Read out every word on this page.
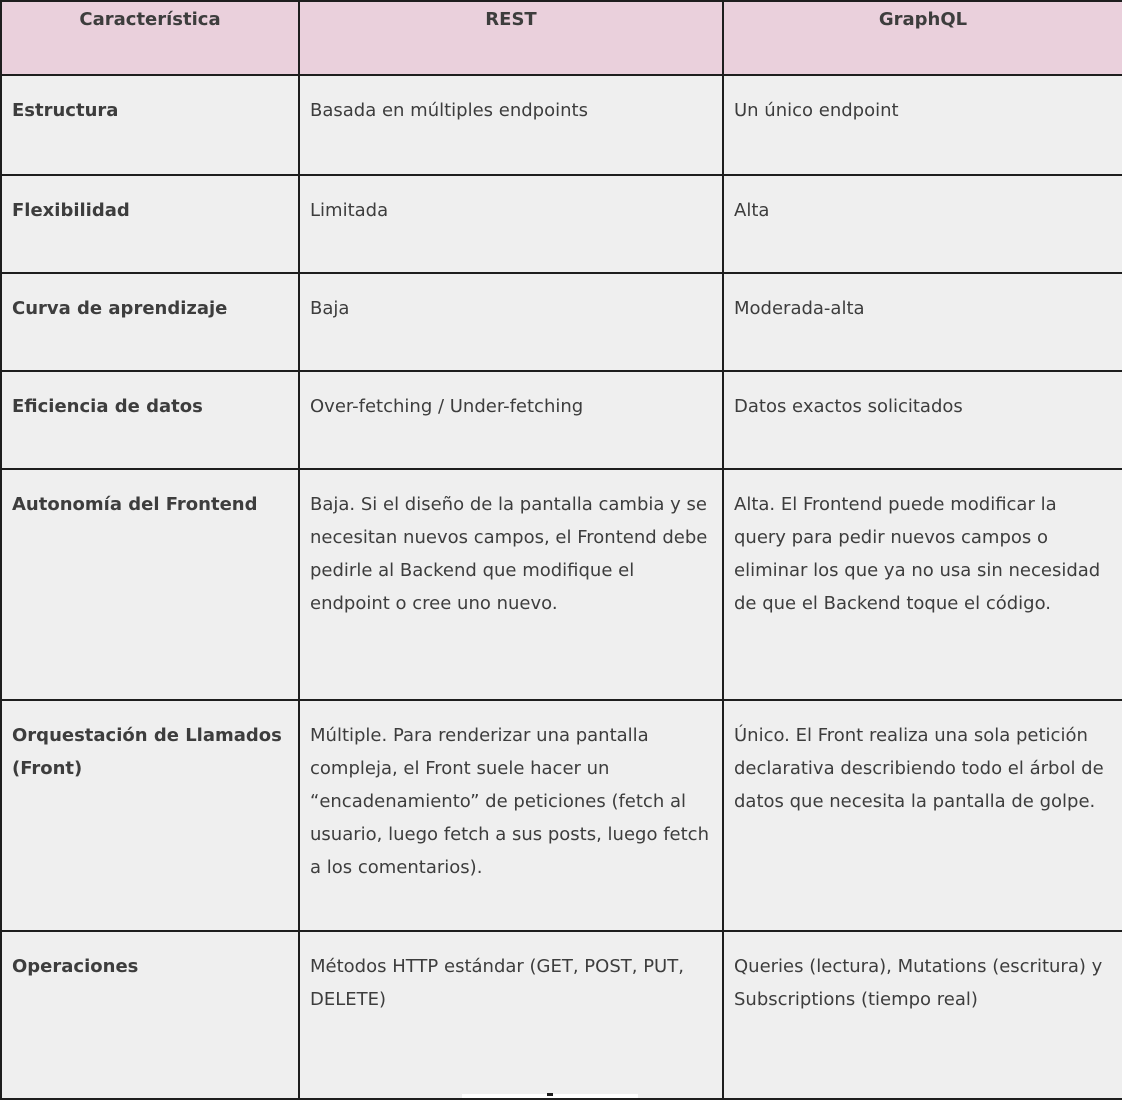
Característica	REST	GraphQL
Estructura	Basada en múltiples endpoints	Un único endpoint
Flexibilidad	Limitada	Alta
Curva de aprendizaje	Baja	Moderada-alta
Eficiencia de datos	Over-fetching / Under-fetching	Datos exactos solicitados
Autonomía del Frontend	Baja. Si el diseño de la pantalla cambia y se necesitan nuevos campos, el Frontend debe pedirle al Backend que modifique el endpoint o cree uno nuevo.	Alta. El Frontend puede modificar la query para pedir nuevos campos o eliminar los que ya no usa sin necesidad de que el Backend toque el código.
Orquestación de Llamados (Front)	Múltiple. Para renderizar una pantalla compleja, el Front suele hacer un “encadenamiento” de peticiones (fetch al usuario, luego fetch a sus posts, luego fetch a los comentarios).	Único. El Front realiza una sola petición declarativa describiendo todo el árbol de datos que necesita la pantalla de golpe.
Operaciones	Métodos HTTP estándar (GET, POST, PUT, DELETE)	Queries (lectura), Mutations (escritura) y Subscriptions (tiempo real)
